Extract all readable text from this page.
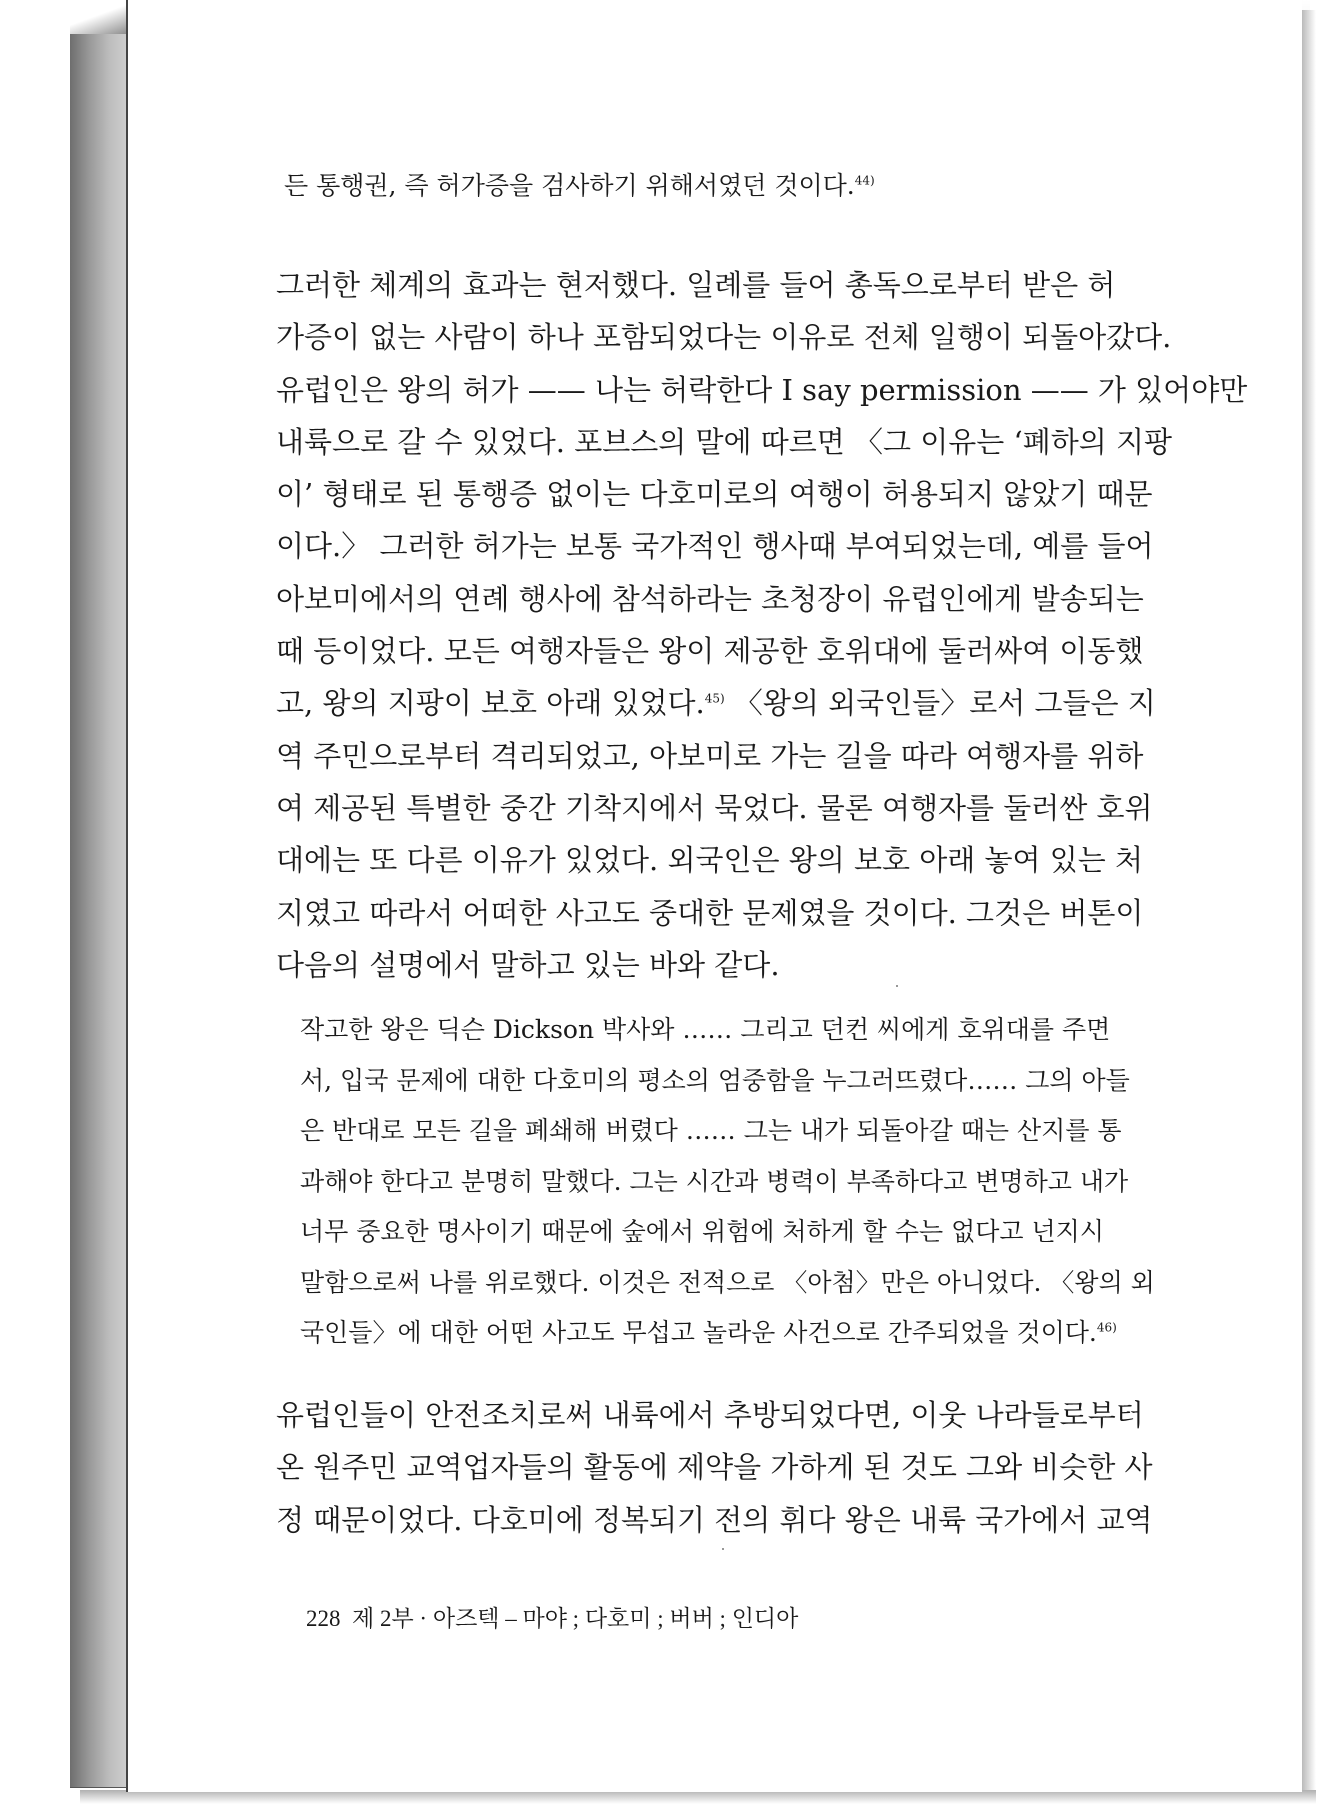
든 통행권, 즉 허가증을 검사하기 위해서였던 것이다.$^{44)}$

그러한 체계의 효과는 현저했다. 일례를 들어 총독으로부터 받은 허

가증이 없는 사람이 하나 포함되었다는 이유로 전체 일행이 되돌아갔다.

유럽인은 왕의 허가 —— 나는 허락한다 I say permission —— 가 있어야만

내륙으로 갈 수 있었다. 포브스의 말에 따르면 〈그 이유는 ‘폐하의 지팡

이’ 형태로 된 통행증 없이는 다호미로의 여행이 허용되지 않았기 때문

이다.〉 그러한 허가는 보통 국가적인 행사때 부여되었는데, 예를 들어

아보미에서의 연례 행사에 참석하라는 초청장이 유럽인에게 발송되는

때 등이었다. 모든 여행자들은 왕이 제공한 호위대에 둘러싸여 이동했

고, 왕의 지팡이 보호 아래 있었다.$^{45)}$ 〈왕의 외국인들〉로서 그들은 지

역 주민으로부터 격리되었고, 아보미로 가는 길을 따라 여행자를 위하

여 제공된 특별한 중간 기착지에서 묵었다. 물론 여행자를 둘러싼 호위

대에는 또 다른 이유가 있었다. 외국인은 왕의 보호 아래 놓여 있는 처

지였고 따라서 어떠한 사고도 중대한 문제였을 것이다. 그것은 버톤이

다음의 설명에서 말하고 있는 바와 같다.

작고한 왕은 딕슨 Dickson 박사와 …… 그리고 던컨 씨에게 호위대를 주면

서, 입국 문제에 대한 다호미의 평소의 엄중함을 누그러뜨렸다…… 그의 아들

은 반대로 모든 길을 폐쇄해 버렸다 …… 그는 내가 되돌아갈 때는 산지를 통

과해야 한다고 분명히 말했다. 그는 시간과 병력이 부족하다고 변명하고 내가

너무 중요한 명사이기 때문에 숲에서 위험에 처하게 할 수는 없다고 넌지시

말함으로써 나를 위로했다. 이것은 전적으로 〈아첨〉만은 아니었다. 〈왕의 외

국인들〉에 대한 어떤 사고도 무섭고 놀라운 사건으로 간주되었을 것이다.$^{46)}$

유럽인들이 안전조치로써 내륙에서 추방되었다면, 이웃 나라들로부터

온 원주민 교역업자들의 활동에 제약을 가하게 된 것도 그와 비슷한 사

정 때문이었다. 다호미에 정복되기 전의 휘다 왕은 내륙 국가에서 교역

228 제 2부 · 아즈텍 – 마야 ; 다호미 ; 버버 ; 인디아
